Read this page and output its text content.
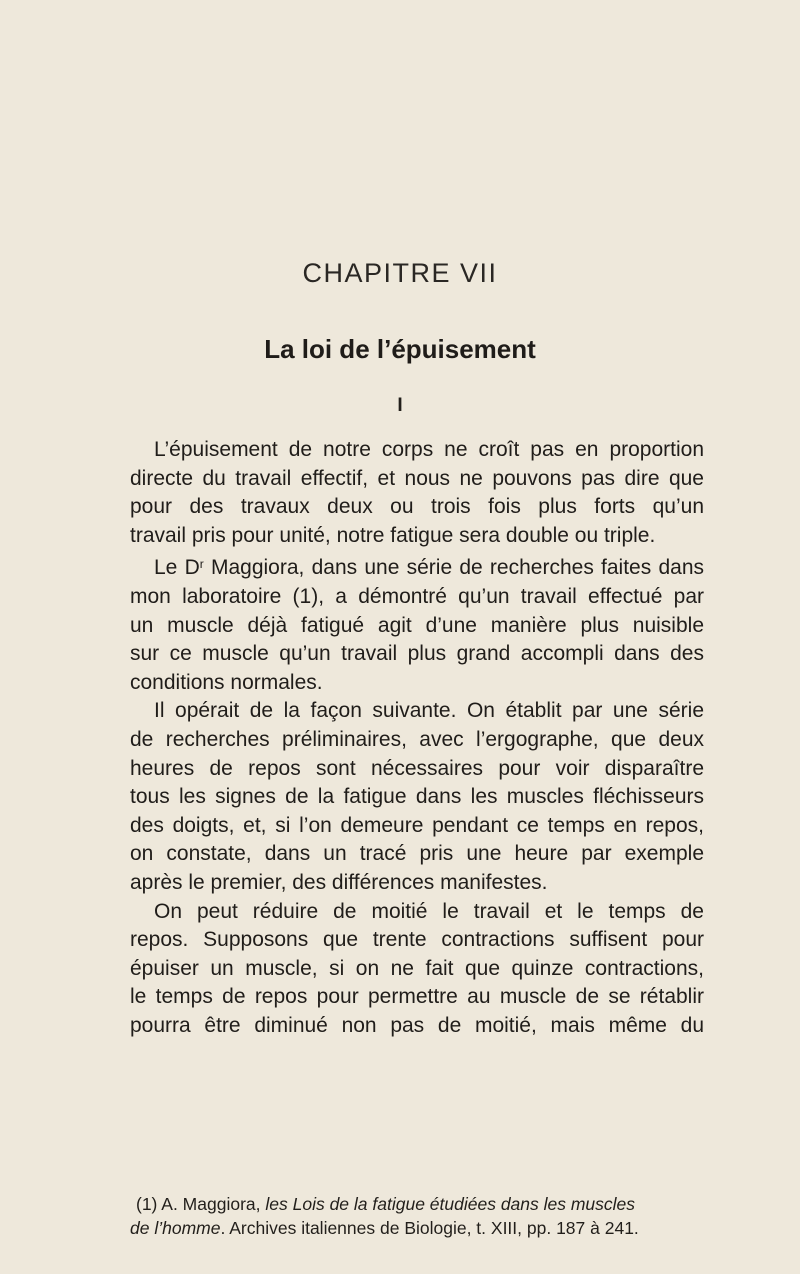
CHAPITRE VII
La loi de l’épuisement
I
L’épuisement de notre corps ne croît pas en proportion
directe du travail effectif, et nous ne pouvons pas dire que
pour des travaux deux ou trois fois plus forts qu’un
travail pris pour unité, notre fatigue sera double ou triple.
Le $D^r$ Maggiora, dans une série de recherches faites dans
mon laboratoire (1), a démontré qu’un travail effectué par
un muscle déjà fatigué agit d’une manière plus nuisible
sur ce muscle qu’un travail plus grand accompli dans des
conditions normales.
Il opérait de la façon suivante. On établit par une série
de recherches préliminaires, avec l’ergographe, que deux
heures de repos sont nécessaires pour voir disparaître
tous les signes de la fatigue dans les muscles fléchisseurs
des doigts, et, si l’on demeure pendant ce temps en repos,
on constate, dans un tracé pris une heure par exemple
après le premier, des différences manifestes.
On peut réduire de moitié le travail et le temps de
repos. Supposons que trente contractions suffisent pour
épuiser un muscle, si on ne fait que quinze contractions,
le temps de repos pour permettre au muscle de se rétablir
pourra être diminué non pas de moitié, mais même du
(1) A. Maggiora, les Lois de la fatigue étudiées dans les muscles
de l’homme. Archives italiennes de Biologie, t. XIII, pp. 187 à 241.
